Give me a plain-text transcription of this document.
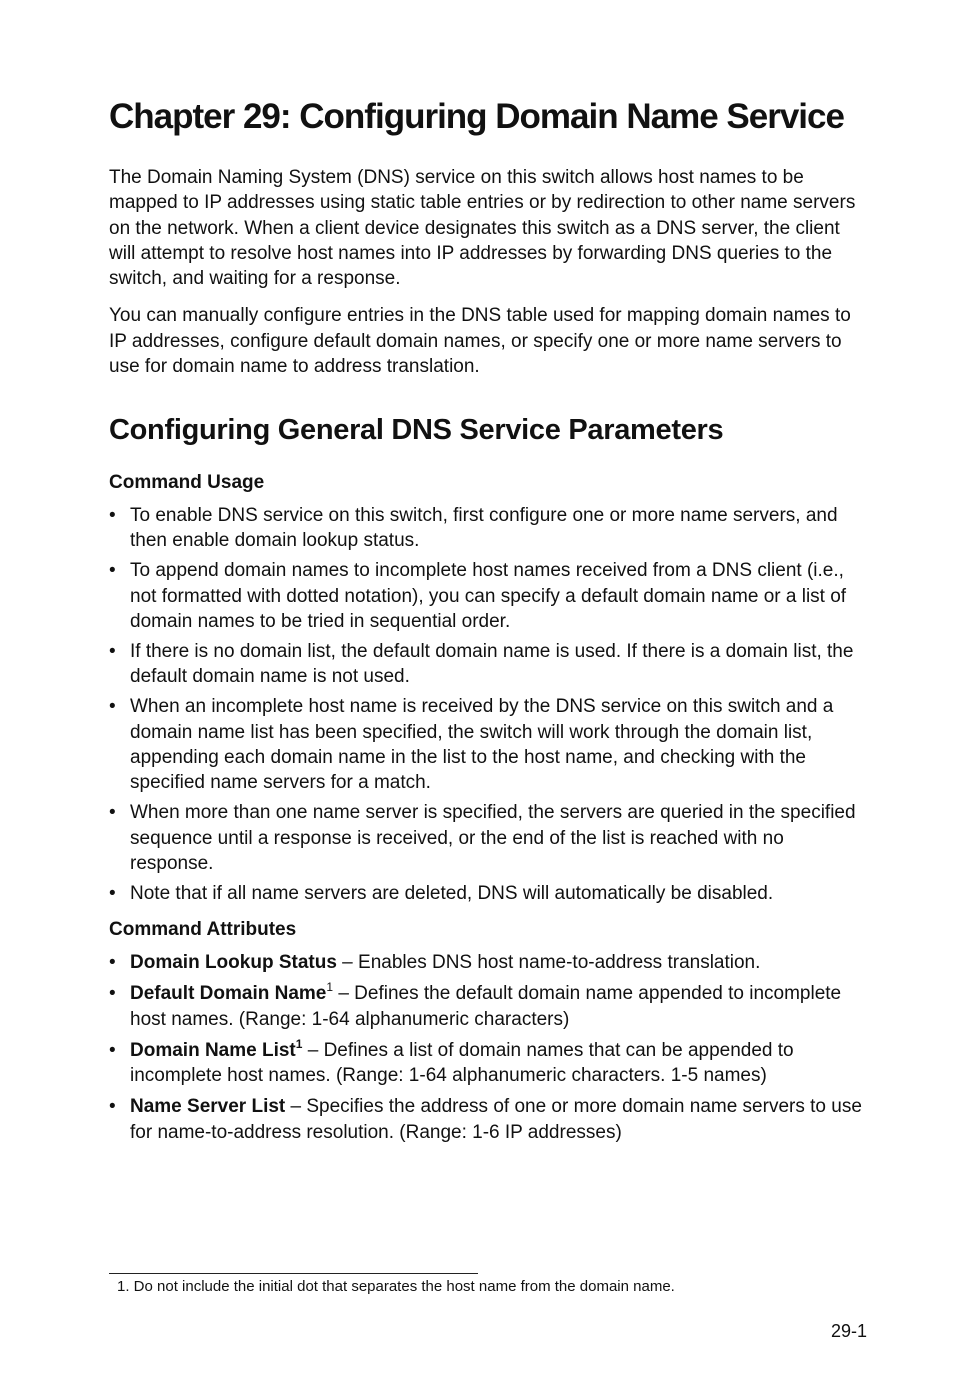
Chapter 29: Configuring Domain Name Service

The Domain Naming System (DNS) service on this switch allows host names to be mapped to IP addresses using static table entries or by redirection to other name servers on the network. When a client device designates this switch as a DNS server, the client will attempt to resolve host names into IP addresses by forwarding DNS queries to the switch, and waiting for a response.

You can manually configure entries in the DNS table used for mapping domain names to IP addresses, configure default domain names, or specify one or more name servers to use for domain name to address translation.

Configuring General DNS Service Parameters
Command Usage
• To enable DNS service on this switch, first configure one or more name servers, and then enable domain lookup status.
• To append domain names to incomplete host names received from a DNS client (i.e., not formatted with dotted notation), you can specify a default domain name or a list of domain names to be tried in sequential order.
• If there is no domain list, the default domain name is used. If there is a domain list, the default domain name is not used.
• When an incomplete host name is received by the DNS service on this switch and a domain name list has been specified, the switch will work through the domain list, appending each domain name in the list to the host name, and checking with the specified name servers for a match.
• When more than one name server is specified, the servers are queried in the specified sequence until a response is received, or the end of the list is reached with no response.
• Note that if all name servers are deleted, DNS will automatically be disabled.
Command Attributes
• Domain Lookup Status – Enables DNS host name-to-address translation.
• Default Domain Name$^1$ – Defines the default domain name appended to incomplete host names. (Range: 1-64 alphanumeric characters)
• Domain Name List$^1$ – Defines a list of domain names that can be appended to incomplete host names. (Range: 1-64 alphanumeric characters. 1-5 names)
• Name Server List – Specifies the address of one or more domain name servers to use for name-to-address resolution. (Range: 1-6 IP addresses)
1. Do not include the initial dot that separates the host name from the domain name.
29-1
